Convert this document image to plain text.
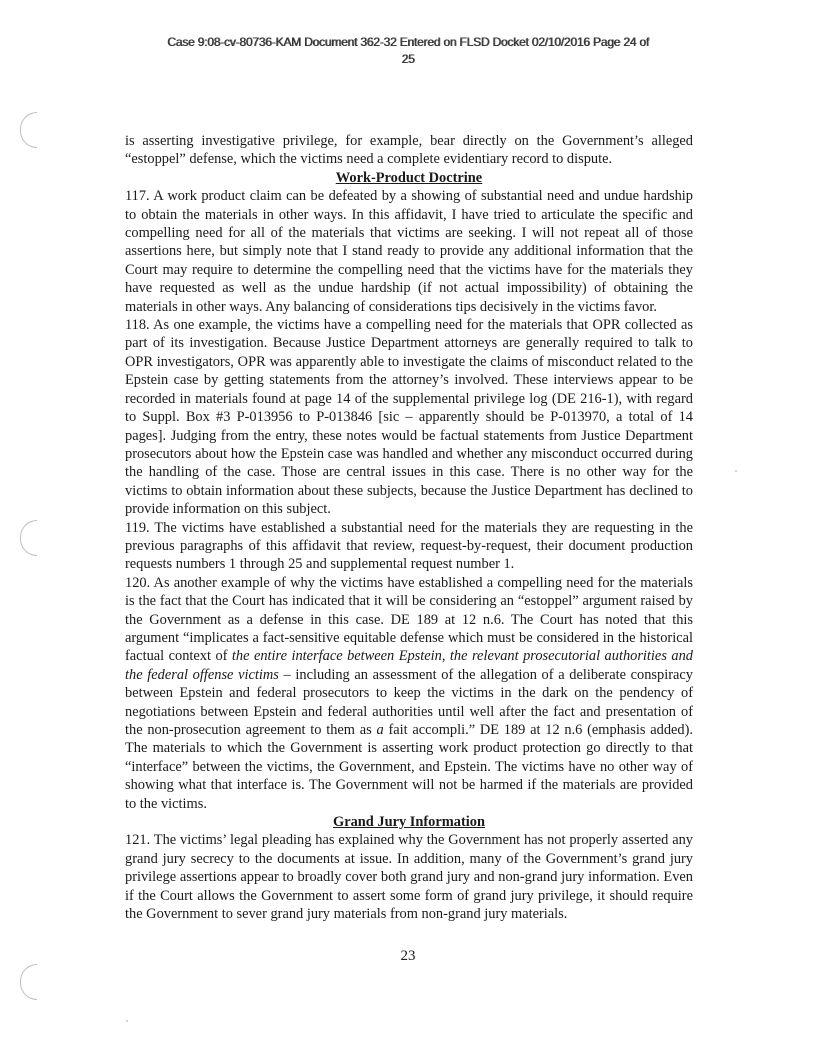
Case 9:08-cv-80736-KAM Document 362-32 Entered on FLSD Docket 02/10/2016 Page 24 of
25

is asserting investigative privilege, for example, bear directly on the Government’s alleged “estoppel” defense, which the victims need a complete evidentiary record to dispute.

Work-Product Doctrine

117. A work product claim can be defeated by a showing of substantial need and undue hardship to obtain the materials in other ways. In this affidavit, I have tried to articulate the specific and compelling need for all of the materials that victims are seeking. I will not repeat all of those assertions here, but simply note that I stand ready to provide any additional information that the Court may require to determine the compelling need that the victims have for the materials they have requested as well as the undue hardship (if not actual impossibility) of obtaining the materials in other ways. Any balancing of considerations tips decisively in the victims favor.

118. As one example, the victims have a compelling need for the materials that OPR collected as part of its investigation. Because Justice Department attorneys are generally required to talk to OPR investigators, OPR was apparently able to investigate the claims of misconduct related to the Epstein case by getting statements from the attorney’s involved. These interviews appear to be recorded in materials found at page 14 of the supplemental privilege log (DE 216-1), with regard to Suppl. Box #3 P-013956 to P-013846 [sic – apparently should be P-013970, a total of 14 pages]. Judging from the entry, these notes would be factual statements from Justice Department prosecutors about how the Epstein case was handled and whether any misconduct occurred during the handling of the case. Those are central issues in this case. There is no other way for the victims to obtain information about these subjects, because the Justice Department has declined to provide information on this subject.

119. The victims have established a substantial need for the materials they are requesting in the previous paragraphs of this affidavit that review, request-by-request, their document production requests numbers 1 through 25 and supplemental request number 1.

120. As another example of why the victims have established a compelling need for the materials is the fact that the Court has indicated that it will be considering an “estoppel” argument raised by the Government as a defense in this case. DE 189 at 12 n.6. The Court has noted that this argument “implicates a fact-sensitive equitable defense which must be considered in the historical factual context of the entire interface between Epstein, the relevant prosecutorial authorities and the federal offense victims – including an assessment of the allegation of a deliberate conspiracy between Epstein and federal prosecutors to keep the victims in the dark on the pendency of negotiations between Epstein and federal authorities until well after the fact and presentation of the non-prosecution agreement to them as a fait accompli.” DE 189 at 12 n.6 (emphasis added). The materials to which the Government is asserting work product protection go directly to that “interface” between the victims, the Government, and Epstein. The victims have no other way of showing what that interface is. The Government will not be harmed if the materials are provided to the victims.

Grand Jury Information

121. The victims’ legal pleading has explained why the Government has not properly asserted any grand jury secrecy to the documents at issue. In addition, many of the Government’s grand jury privilege assertions appear to broadly cover both grand jury and non-grand jury information. Even if the Court allows the Government to assert some form of grand jury privilege, it should require the Government to sever grand jury materials from non-grand jury materials.

23
